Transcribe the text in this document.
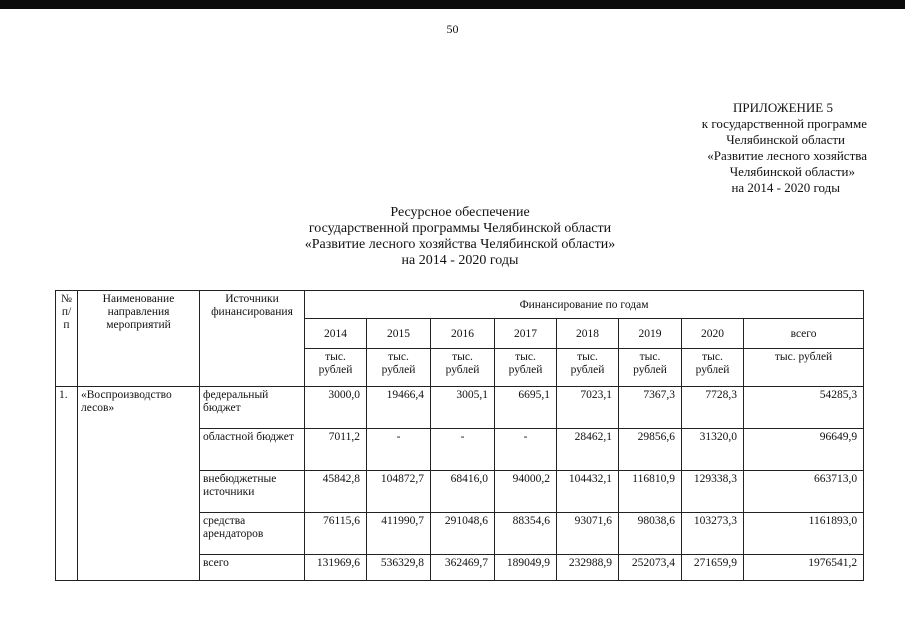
50
ПРИЛОЖЕНИЕ 5
к государственной программе
Челябинской области
«Развитие лесного хозяйства
Челябинской области»
на 2014 - 2020 годы
Ресурсное обеспечение
государственной программы Челябинской области
«Развитие лесного хозяйства Челябинской области»
на 2014 - 2020 годы
№ п/п	Наименование направления мероприятий	Источники финансирования	Финансирование по годам							
			2014	2015	2016	2017	2018	2019	2020	всего
			тыс. рублей	тыс. рублей	тыс. рублей	тыс. рублей	тыс. рублей	тыс. рублей	тыс. рублей	тыс. рублей
1.	«Воспроизводство лесов»	федеральный бюджет	3000,0	19466,4	3005,1	6695,1	7023,1	7367,3	7728,3	54285,3
		областной бюджет	7011,2	-	-	-	28462,1	29856,6	31320,0	96649,9
		внебюджетные источники	45842,8	104872,7	68416,0	94000,2	104432,1	116810,9	129338,3	663713,0
		средства арендаторов	76115,6	411990,7	291048,6	88354,6	93071,6	98038,6	103273,3	1161893,0
		всего	131969,6	536329,8	362469,7	189049,9	232988,9	252073,4	271659,9	1976541,2
